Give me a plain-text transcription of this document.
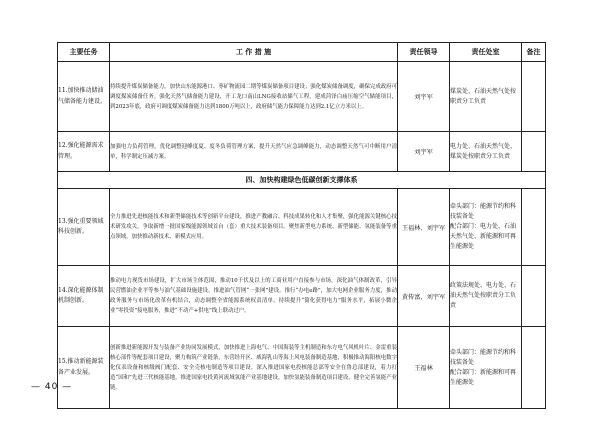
主要任务	工 作 措 施	责任领导	责任处室	备注
11.加快推动储油气储备能力建设。	持续提升煤炭储备能力，加快山东能源港口、枣矿物流园二期等煤炭储备项目建设；强化煤炭储备调度，确保完成政府可调度煤炭储备任务。强化天然气储备能力建设，开工龙口南山LNG接收站储气工程，建成菏泽白庙压缩空气储能项目，到2023年底，政府可调度煤炭储备能力达到1800万吨以上，政府储气能力保障能力达到2.1亿立方米以上。	刘宇军	煤炭处、石油天然气处按职责分工负责	
12.强化能源需求管理。	加强电力负荷管理，优化调整迎峰度夏、度冬负荷管理方案，提升天然气应急调峰能力，动态调整天然气可中断用户清单，科学制定压减方案。	刘宇军	电力处、石油天然气处、煤炭处按职责分工负责	
四、加快构建绿色低碳创新支撑体系				
13.强化重要领域科技创新。	全力推进先进核能技术和新型储能技术等创新平台建设，推进产教融合、科技成果转化和人才集聚，强化能源关键核心技术研发攻关，争取新增一批国家级能源领域首台（套）重大技术装备项目。聚焦新型电力系统、新型储能、氢能装备等重点领域，加快推动新技术、新模式应用。	王福林、刘宇军	牵头部门：能源节约和科技装备处
配合部门：电力处、石油天然气处、新能源和可再生能源处	
14.深化能源体制机制创新。	推动电力现货市场建设，扩大市场主体范围，推动10千伏及以上的工商业用户直接参与市场。深化油气体制改革，引导民营燃油企业平等参与油气基础设施建设，推进油气管网“一张网”建设。推行“办电e路”，加大电网企业服务力度，推动政务服务与市场化改革有机结合，动态调整全省能源系统权责清单，持续提升“简化获得电力”服务水平，拓展小微企业“零投资”接电服务，推进“不动产+供电”线上联动过户。	黄传富、刘宇军	政策法规处、电力处、石油天然气处按职责分工负责	
15.推动新能源装备产业发展。	创新推进新能源开发与装备产业协同发展模式，加快推进上海电气、中国海装等主机制造和东方电气风机叶片、金雷重装核心部件等配套项目建设，聚力构筑产业链条，东营经开区、威海乳山等海上风电装备制造基地，积极推动海阳核电数字化仪表设备和核级阀门配套、安全壳核电制造等项目建设。深入推进国家电投核能总部等安全在鲁总部建设，着力打造“国和”先进三代核能基地，推进国家电投黄河流域氢能产业基地建设，加快氢能装备制造项目建设，健全完善氢能产业链。	王福林	牵头部门：能源节约和科技装备处
配合部门：新能源和可再生能源处	
— 40 —
